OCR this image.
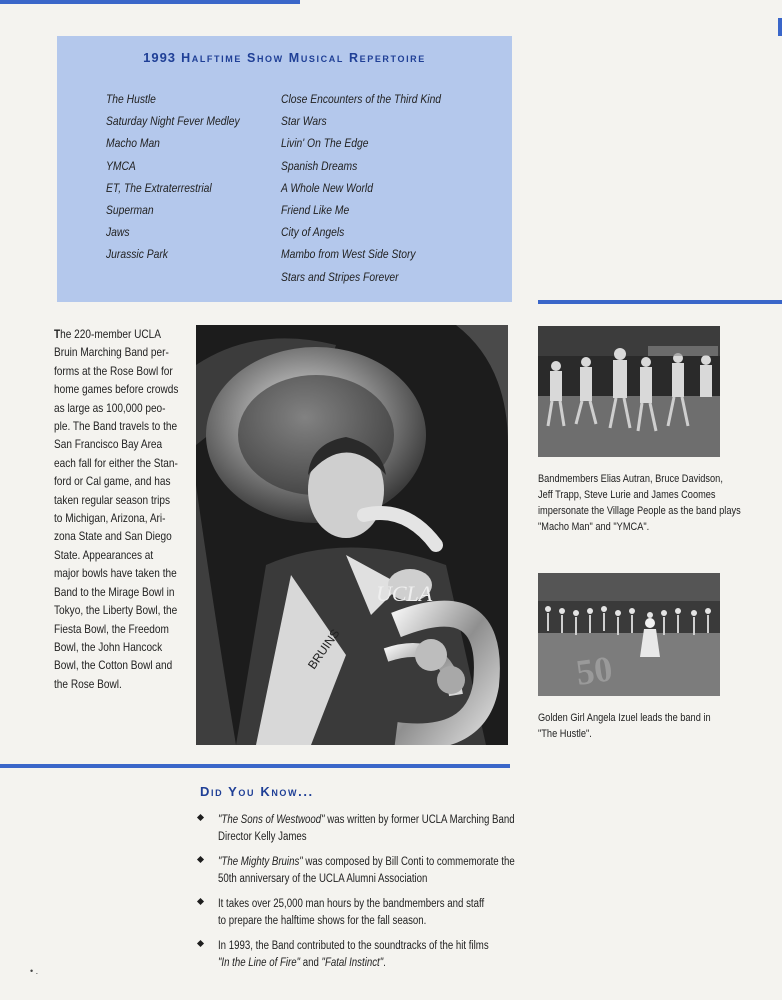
1993 Halftime Show Musical Repertoire
The Hustle
Saturday Night Fever Medley
Macho Man
YMCA
ET, The Extraterrestrial
Superman
Jaws
Jurassic Park
Close Encounters of the Third Kind
Star Wars
Livin' On The Edge
Spanish Dreams
A Whole New World
Friend Like Me
City of Angels
Mambo from West Side Story
Stars and Stripes Forever
The 220-member UCLA
Bruin Marching Band per-
forms at the Rose Bowl for
home games before crowds
as large as 100,000 peo-
ple. The Band travels to the
San Francisco Bay Area
each fall for either the Stan-
ford or Cal game, and has
taken regular season trips
to Michigan, Arizona, Ari-
zona State and San Diego
State. Appearances at
major bowls have taken the
Band to the Mirage Bowl in
Tokyo, the Liberty Bowl, the
Fiesta Bowl, the Freedom
Bowl, the John Hancock
Bowl, the Cotton Bowl and
the Rose Bowl.
UCLA
BRUINS

Bandmembers Elias Autran, Bruce Davidson,
Jeff Trapp, Steve Lurie and James Coomes
impersonate the Village People as the band plays
"Macho Man" and "YMCA".

50

Golden Girl Angela Izuel leads the band in
"The Hustle".

Did You Know...
"The Sons of Westwood" was written by former UCLA Marching Band
Director Kelly James
"The Mighty Bruins" was composed by Bill Conti to commemorate the
50th anniversary of the UCLA Alumni Association
It takes over 25,000 man hours by the bandmembers and staff
to prepare the halftime shows for the fall season.
In 1993, the Band contributed to the soundtracks of the hit films
"In the Line of Fire" and "Fatal Instinct".
• .
